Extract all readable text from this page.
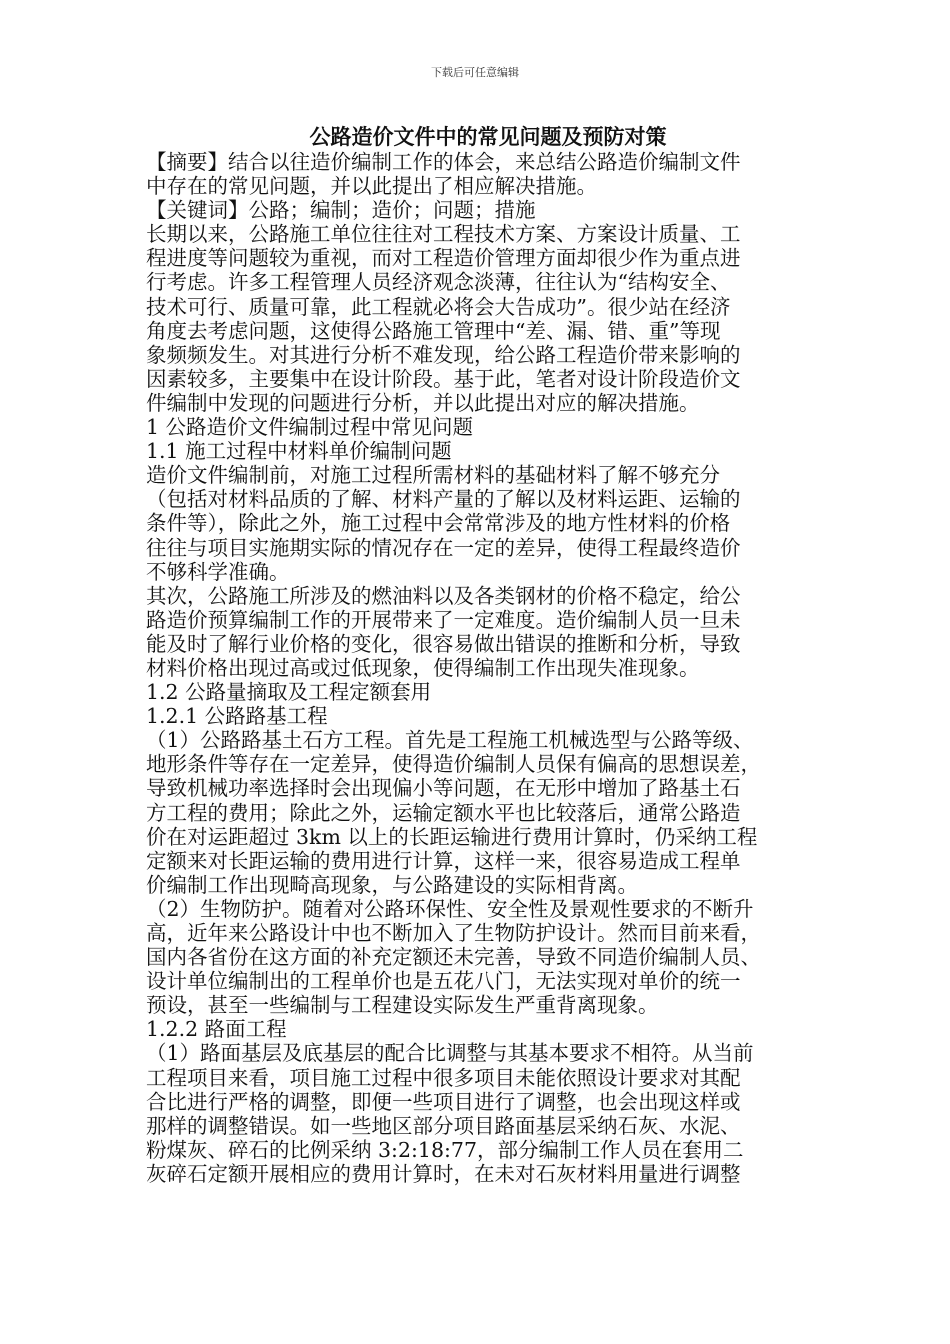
下载后可任意编辑
公路造价文件中的常见问题及预防对策

【摘要】结合以往造价编制工作的体会，来总结公路造价编制文件

中存在的常见问题，并以此提出了相应解决措施。

【关键词】公路；编制；造价；问题；措施

长期以来，公路施工单位往往对工程技术方案、方案设计质量、工

程进度等问题较为重视，而对工程造价管理方面却很少作为重点进

行考虑。许多工程管理人员经济观念淡薄，往往认为“结构安全、

技术可行、质量可靠，此工程就必将会大告成功”。很少站在经济

角度去考虑问题，这使得公路施工管理中“差、漏、错、重”等现

象频频发生。对其进行分析不难发现，给公路工程造价带来影响的

因素较多，主要集中在设计阶段。基于此，笔者对设计阶段造价文

件编制中发现的问题进行分析，并以此提出对应的解决措施。

1 公路造价文件编制过程中常见问题

1.1 施工过程中材料单价编制问题

造价文件编制前，对施工过程所需材料的基础材料了解不够充分

（包括对材料品质的了解、材料产量的了解以及材料运距、运输的

条件等），除此之外，施工过程中会常常涉及的地方性材料的价格

往往与项目实施期实际的情况存在一定的差异，使得工程最终造价

不够科学准确。

其次，公路施工所涉及的燃油料以及各类钢材的价格不稳定，给公

路造价预算编制工作的开展带来了一定难度。造价编制人员一旦未

能及时了解行业价格的变化，很容易做出错误的推断和分析，导致

材料价格出现过高或过低现象，使得编制工作出现失准现象。

1.2 公路量摘取及工程定额套用

1.2.1 公路路基工程

（1）公路路基土石方工程。首先是工程施工机械选型与公路等级、

地形条件等存在一定差异，使得造价编制人员保有偏高的思想误差，

导致机械功率选择时会出现偏小等问题，在无形中增加了路基土石

方工程的费用；除此之外，运输定额水平也比较落后，通常公路造

价在对运距超过 3km 以上的长距运输进行费用计算时，仍采纳工程

定额来对长距运输的费用进行计算，这样一来，很容易造成工程单

价编制工作出现畸高现象，与公路建设的实际相背离。

（2）生物防护。随着对公路环保性、安全性及景观性要求的不断升

高，近年来公路设计中也不断加入了生物防护设计。然而目前来看，

国内各省份在这方面的补充定额还未完善，导致不同造价编制人员、

设计单位编制出的工程单价也是五花八门，无法实现对单价的统一

预设，甚至一些编制与工程建设实际发生严重背离现象。

1.2.2 路面工程

（1）路面基层及底基层的配合比调整与其基本要求不相符。从当前

工程项目来看，项目施工过程中很多项目未能依照设计要求对其配

合比进行严格的调整，即便一些项目进行了调整，也会出现这样或

那样的调整错误。如一些地区部分项目路面基层采纳石灰、水泥、

粉煤灰、碎石的比例采纳 3:2:18:77，部分编制工作人员在套用二

灰碎石定额开展相应的费用计算时，在未对石灰材料用量进行调整
